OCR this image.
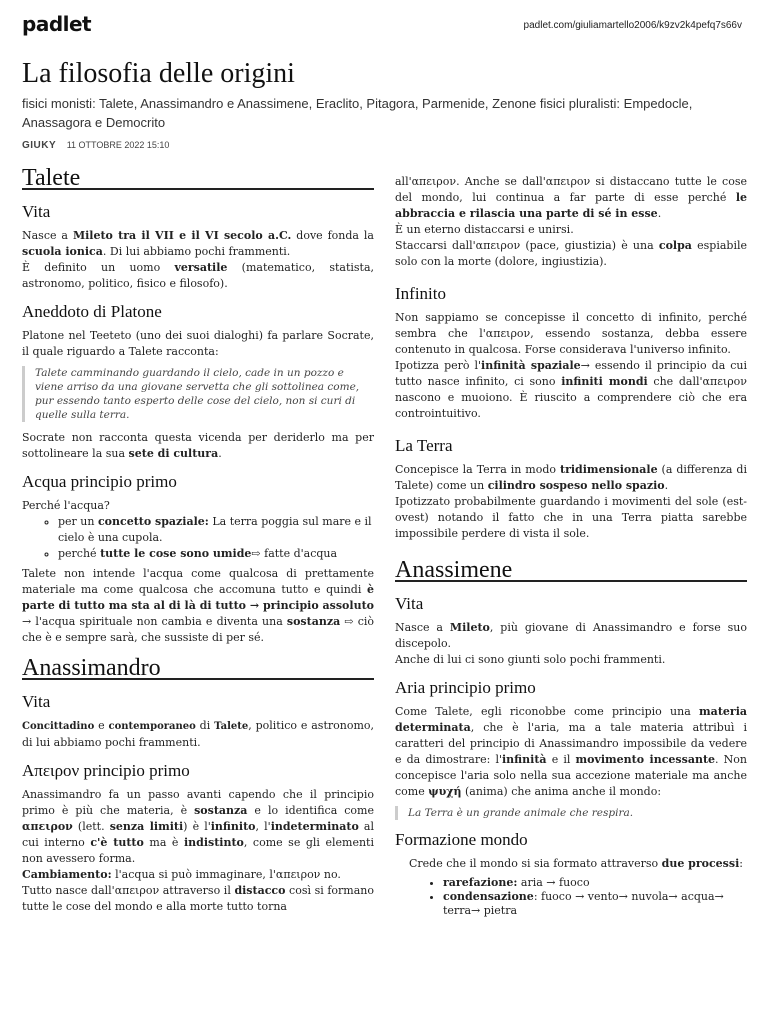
padlet	padlet.com/giuliamartello2006/k9zv2k4pefq7s66v
La filosofia delle origini
fisici monisti: Talete, Anassimandro e Anassimene, Eraclito, Pitagora, Parmenide, Zenone fisici pluralisti: Empedocle, Anassagora e Democrito
GIUKY 11 OTTOBRE 2022 15:10
Talete
Vita

Nasce a Mileto tra il VII e il VI secolo a.C. dove fonda la scuola ionica. Di lui abbiamo pochi frammenti.
È definito un uomo versatile (matematico, statista, astronomo, politico, fisico e filosofo).

Aneddoto di Platone

Platone nel Teeteto (uno dei suoi dialoghi) fa parlare Socrate, il quale riguardo a Talete racconta:

Talete camminando guardando il cielo, cade in un pozzo e viene arriso da una giovane servetta che gli sottolinea come, pur essendo tanto esperto delle cose del cielo, non si curi di quelle sulla terra.

Socrate non racconta questa vicenda per deriderlo ma per sottolineare la sua sete di cultura.

Acqua principio primo

Perché l'acqua?

◦ per un concetto spaziale: La terra poggia sul mare e il cielo è una cupola.
◦ perché tutte le cose sono umide⇨ fatte d'acqua

Talete non intende l'acqua come qualcosa di prettamente materiale ma come qualcosa che accomuna tutto e quindi è parte di tutto ma sta al di là di tutto → principio assoluto → l'acqua spirituale non cambia e diventa una sostanza ⇨ ciò che è e sempre sarà, che sussiste di per sé.

Anassimandro
Vita

Concittadino e contemporaneo di Talete, politico e astronomo, di lui abbiamo pochi frammenti.

Απειρον principio primo

Anassimandro fa un passo avanti capendo che il principio primo è più che materia, è sostanza e lo identifica come απειρον (lett. senza limiti) è l'infinito, l'indeterminato al cui interno c'è tutto ma è indistinto, come se gli elementi non avessero forma.
Cambiamento: l'acqua si può immaginare, l'απειρον no.
Tutto nasce dall'απειρον attraverso il distacco così si formano tutte le cose del mondo e alla morte tutto torna

all'απειρον. Anche se dall'απειρον si distaccano tutte le cose del mondo, lui continua a far parte di esse perché le abbraccia e rilascia una parte di sé in esse.

È un eterno distaccarsi e unirsi.

Staccarsi dall'απειρον (pace, giustizia) è una colpa espiabile solo con la morte (dolore, ingiustizia).

Infinito

Non sappiamo se concepisse il concetto di infinito, perché sembra che l'απειρον, essendo sostanza, debba essere contenuto in qualcosa. Forse considerava l'universo infinito.

Ipotizza però l'infinità spaziale→ essendo il principio da cui tutto nasce infinito, ci sono infiniti mondi che dall'απειρον nascono e muoiono. È riuscito a comprendere ciò che era controintuitivo.

La Terra

Concepisce la Terra in modo tridimensionale (a differenza di Talete) come un cilindro sospeso nello spazio.

Ipotizzato probabilmente guardando i movimenti del sole (est-ovest) notando il fatto che in una Terra piatta sarebbe impossibile perdere di vista il sole.

Anassimene
Vita

Nasce a Mileto, più giovane di Anassimandro e forse suo discepolo.

Anche di lui ci sono giunti solo pochi frammenti.

Aria principio primo

Come Talete, egli riconobbe come principio una materia determinata, che è l'aria, ma a tale materia attribuì i caratteri del principio di Anassimandro impossibile da vedere e da dimostrare: l'infinità e il movimento incessante. Non concepisce l'aria solo nella sua accezione materiale ma anche come ψυχή (anima) che anima anche il mondo:

La Terra è un grande animale che respira.
Formazione mondo

Crede che il mondo si sia formato attraverso due processi:

• rarefazione: aria → fuoco
• condensazione: fuoco → vento→ nuvola→ acqua→ terra→ pietra
